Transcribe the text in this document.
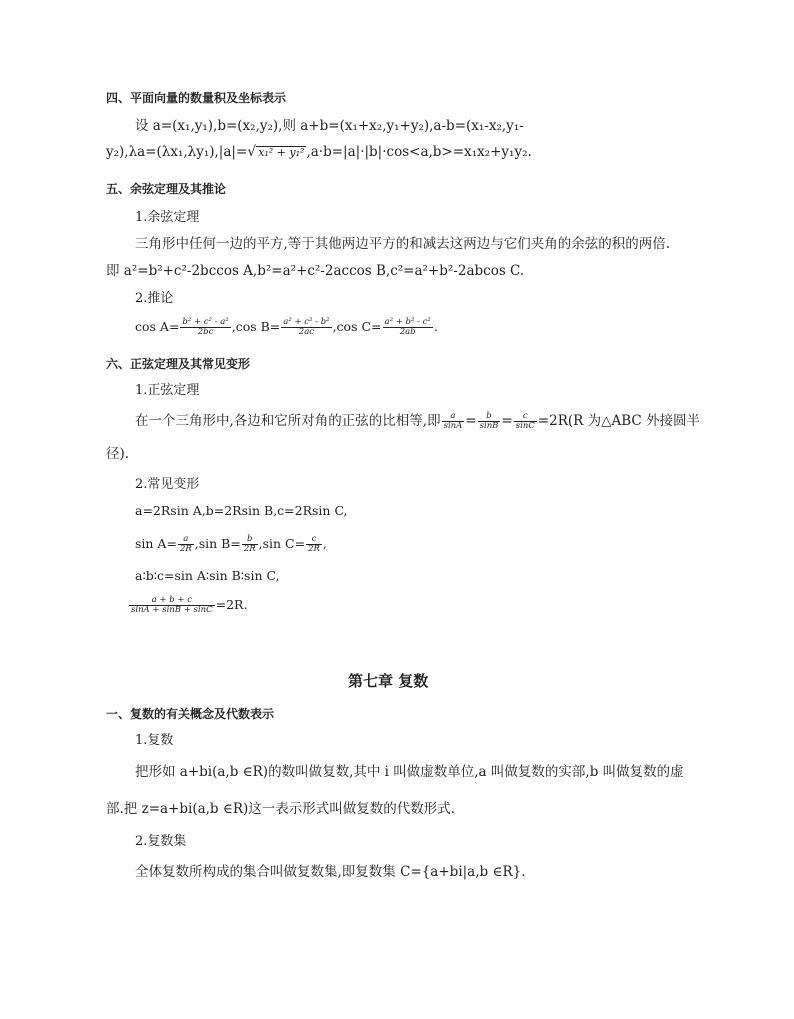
四、平面向量的数量积及坐标表示
设 a=(x₁,y₁),b=(x₂,y₂),则 a+b=(x₁+x₂,y₁+y₂),a-b=(x₁-x₂,y₁-
y₂),λa=(λx₁,λy₁),|a|=√ x₁² + y₁² ,a·b=|a|·|b|·cos<a,b>=x₁x₂+y₁y₂.
五、余弦定理及其推论
1.余弦定理
三角形中任何一边的平方,等于其他两边平方的和减去这两边与它们夹角的余弦的积的两倍.
即 a²=b²+c²-2bccos A,b²=a²+c²-2accos B,c²=a²+b²-2abcos C.
2.推论
$\cos A= \frac{\text{b² + c² - a²}}{2bc} ,\cos$ $B= \frac{\text{a² + c² - b²}}{2ac} ,\cos$ $C= \frac{\text{a² + b² - c²}}{2ab}$ .
六、正弦定理及其常见变形
1.正弦定理
在一个三角形中,各边和它所对角的正弦的比相等,即 $\frac{a}{\sin A} = \frac{b}{\sin B} = \frac{c}{\sin C} =2R(R$ 为△ABC 外接圆半
径).
2.常见变形
a=2Rsin A,b=2Rsin B,c=2Rsin C,
$\sin A= \frac{a}{2R} ,\sin$ $B= \frac{b}{2R} ,\sin$ $C= \frac{c}{2R}$ ,
a∶b∶c=sin A∶sin B∶sin C,
$\frac{a + b + c}{\sin A + \sin B + \sin C} =2R$.
第七章 复数
一、复数的有关概念及代数表示
1.复数
把形如 a+bi(a,b ∈R)的数叫做复数,其中 i 叫做虚数单位,a 叫做复数的实部,b 叫做复数的虚
部.把 z=a+bi(a,b ∈R)这一表示形式叫做复数的代数形式.
2.复数集
全体复数所构成的集合叫做复数集,即复数集 C={a+bi|a,b ∈R}.
